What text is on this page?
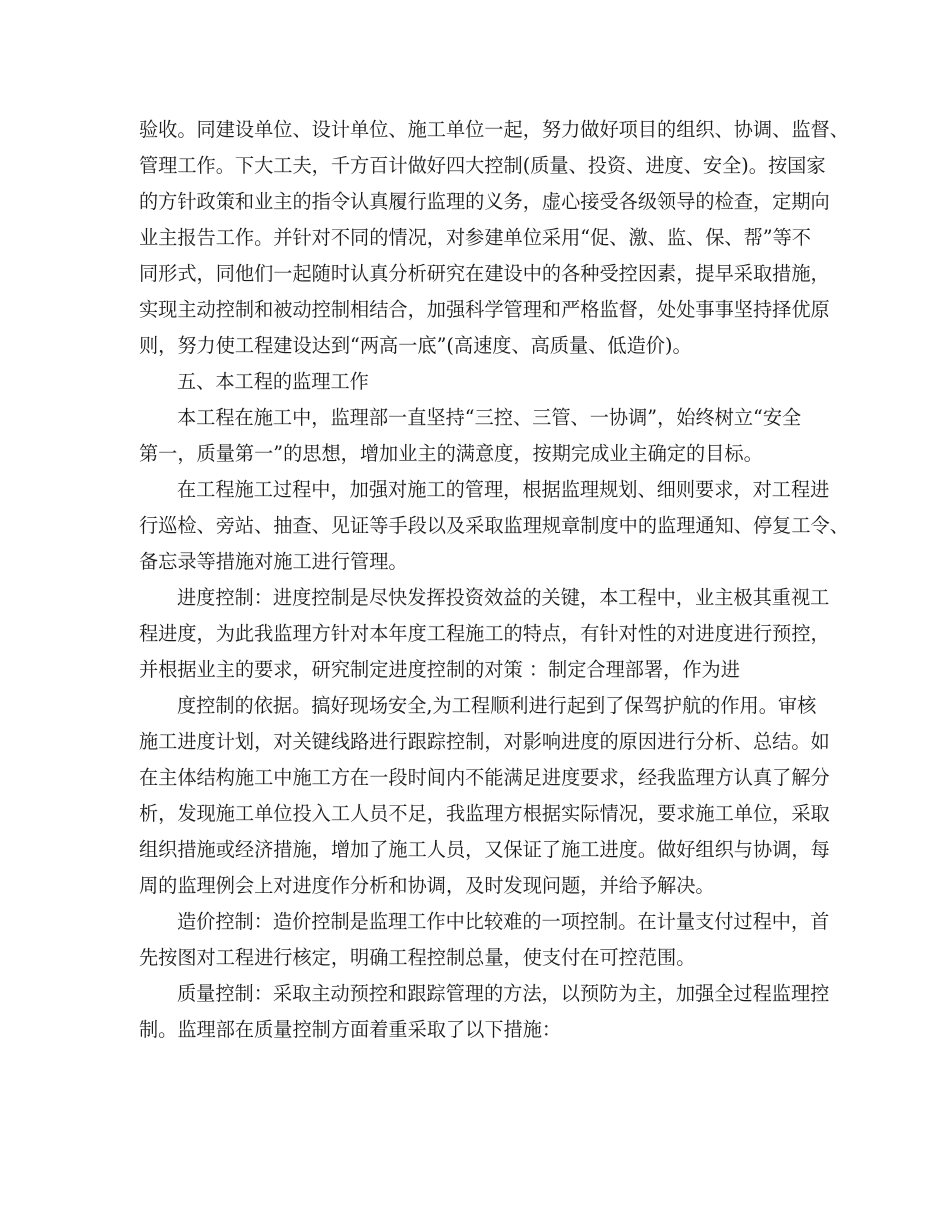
验收。同建设单位、设计单位、施工单位一起，努力做好项目的组织、协调、监督、
管理工作。下大工夫，千方百计做好四大控制(质量、投资、进度、安全)。按国家
的方针政策和业主的指令认真履行监理的义务，虚心接受各级领导的检查，定期向
业主报告工作。并针对不同的情况，对参建单位采用“促、激、监、保、帮”等不
同形式，同他们一起随时认真分析研究在建设中的各种受控因素，提早采取措施，
实现主动控制和被动控制相结合，加强科学管理和严格监督，处处事事坚持择优原
则，努力使工程建设达到“两高一底”(高速度、高质量、低造价)。
五、本工程的监理工作
本工程在施工中，监理部一直坚持“三控、三管、一协调”，始终树立“安全
第一，质量第一”的思想，增加业主的满意度，按期完成业主确定的目标。
在工程施工过程中，加强对施工的管理，根据监理规划、细则要求，对工程进
行巡检、旁站、抽查、见证等手段以及采取监理规章制度中的监理通知、停复工令、
备忘录等措施对施工进行管理。
进度控制：进度控制是尽快发挥投资效益的关键，本工程中，业主极其重视工
程进度，为此我监理方针对本年度工程施工的特点，有针对性的对进度进行预控，
并根据业主的要求，研究制定进度控制的对策 ：制定合理部署，作为进
度控制的依据。搞好现场安全,为工程顺利进行起到了保驾护航的作用。审核
施工进度计划，对关键线路进行跟踪控制，对影响进度的原因进行分析、总结。如
在主体结构施工中施工方在一段时间内不能满足进度要求，经我监理方认真了解分
析，发现施工单位投入工人员不足，我监理方根据实际情况，要求施工单位，采取
组织措施或经济措施，增加了施工人员，又保证了施工进度。做好组织与协调，每
周的监理例会上对进度作分析和协调，及时发现问题，并给予解决。
造价控制：造价控制是监理工作中比较难的一项控制。在计量支付过程中，首
先按图对工程进行核定，明确工程控制总量，使支付在可控范围。
质量控制：采取主动预控和跟踪管理的方法，以预防为主，加强全过程监理控
制。监理部在质量控制方面着重采取了以下措施：
